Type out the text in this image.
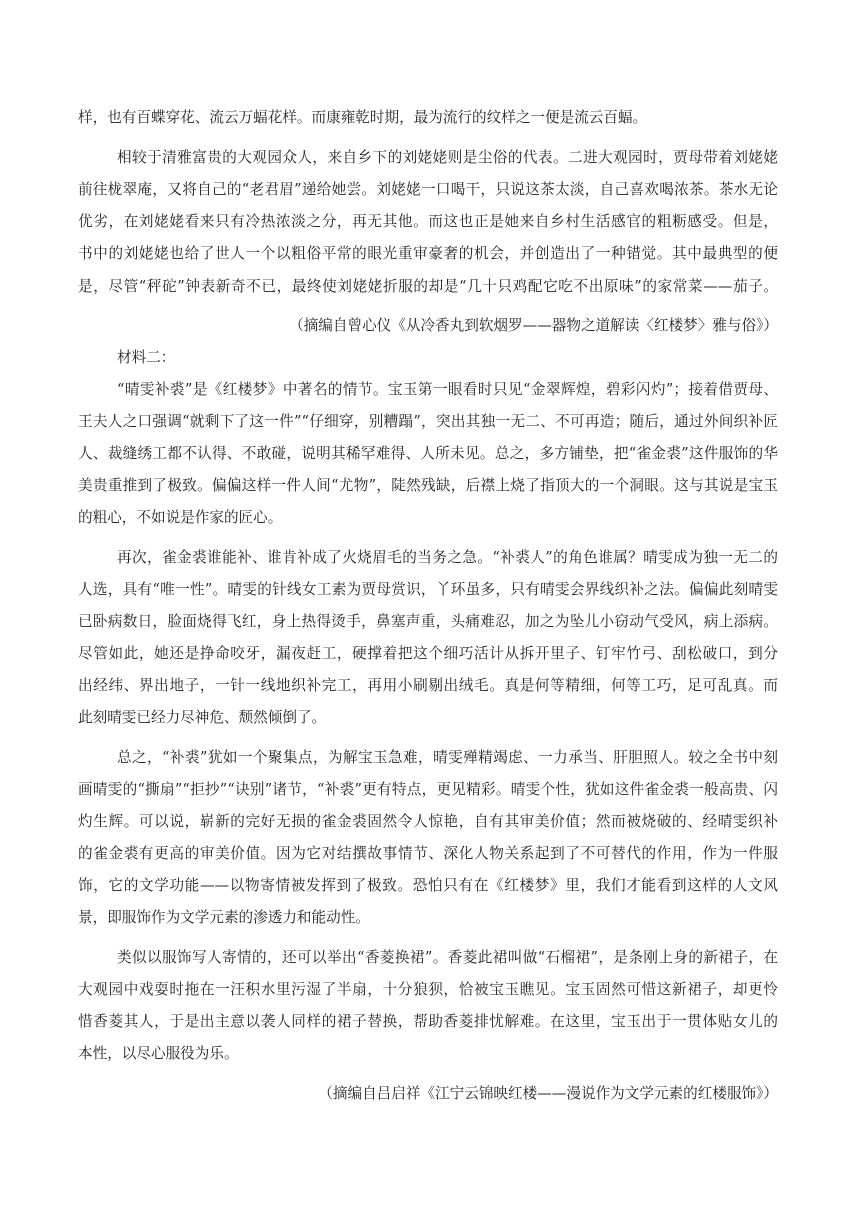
样，也有百蝶穿花、流云万蝠花样。而康雍乾时期，最为流行的纹样之一便是流云百蝠。
相较于清雅富贵的大观园众人，来自乡下的刘姥姥则是尘俗的代表。二进大观园时，贾母带着刘姥姥
前往栊翠庵，又将自己的“老君眉”递给她尝。刘姥姥一口喝干，只说这茶太淡，自己喜欢喝浓茶。茶水无论
优劣，在刘姥姥看来只有冷热浓淡之分，再无其他。而这也正是她来自乡村生活感官的粗粝感受。但是，
书中的刘姥姥也给了世人一个以粗俗平常的眼光重审豪奢的机会，并创造出了一种错觉。其中最典型的便
是，尽管“秤砣”钟表新奇不已，最终使刘姥姥折服的却是“几十只鸡配它吃不出原味”的家常菜——茄子。
（摘编自曾心仪《从冷香丸到软烟罗——器物之道解读〈红楼梦〉雅与俗》）
材料二：
“晴雯补裘”是《红楼梦》中著名的情节。宝玉第一眼看时只见“金翠辉煌，碧彩闪灼”；接着借贾母、
王夫人之口强调“就剩下了这一件”“仔细穿，别糟蹋”，突出其独一无二、不可再造；随后，通过外间织补匠
人、裁缝绣工都不认得、不敢碰，说明其稀罕难得、人所未见。总之，多方铺垫，把“雀金裘”这件服饰的华
美贵重推到了极致。偏偏这样一件人间“尤物”，陡然残缺，后襟上烧了指顶大的一个洞眼。这与其说是宝玉
的粗心，不如说是作家的匠心。
再次，雀金裘谁能补、谁肯补成了火烧眉毛的当务之急。“补裘人”的角色谁属？晴雯成为独一无二的
人选，具有“唯一性”。晴雯的针线女工素为贾母赏识，丫环虽多，只有晴雯会界线织补之法。偏偏此刻晴雯
已卧病数日，脸面烧得飞红，身上热得烫手，鼻塞声重，头痛难忍，加之为坠儿小窃动气受风，病上添病。
尽管如此，她还是挣命咬牙，漏夜赶工，硬撑着把这个细巧活计从拆开里子、钉牢竹弓、刮松破口，到分
出经纬、界出地子，一针一线地织补完工，再用小刷剔出绒毛。真是何等精细，何等工巧，足可乱真。而
此刻晴雯已经力尽神危、颓然倾倒了。
总之，“补裘”犹如一个聚集点，为解宝玉急难，晴雯殚精竭虑、一力承当、肝胆照人。较之全书中刻
画晴雯的“撕扇”“拒抄”“诀别”诸节，“补裘”更有特点，更见精彩。晴雯个性，犹如这件雀金裘一般高贵、闪
灼生辉。可以说，崭新的完好无损的雀金裘固然令人惊艳，自有其审美价值；然而被烧破的、经晴雯织补
的雀金裘有更高的审美价值。因为它对结撰故事情节、深化人物关系起到了不可替代的作用，作为一件服
饰，它的文学功能——以物寄情被发挥到了极致。恐怕只有在《红楼梦》里，我们才能看到这样的人文风
景，即服饰作为文学元素的渗透力和能动性。
类似以服饰写人寄情的，还可以举出“香菱换裙”。香菱此裙叫做“石榴裙”，是条刚上身的新裙子，在
大观园中戏耍时拖在一汪积水里污湿了半扇，十分狼狈，恰被宝玉瞧见。宝玉固然可惜这新裙子，却更怜
惜香菱其人，于是出主意以袭人同样的裙子替换，帮助香菱排忧解难。在这里，宝玉出于一贯体贴女儿的
本性，以尽心服役为乐。
（摘编自吕启祥《江宁云锦映红楼——漫说作为文学元素的红楼服饰》）
